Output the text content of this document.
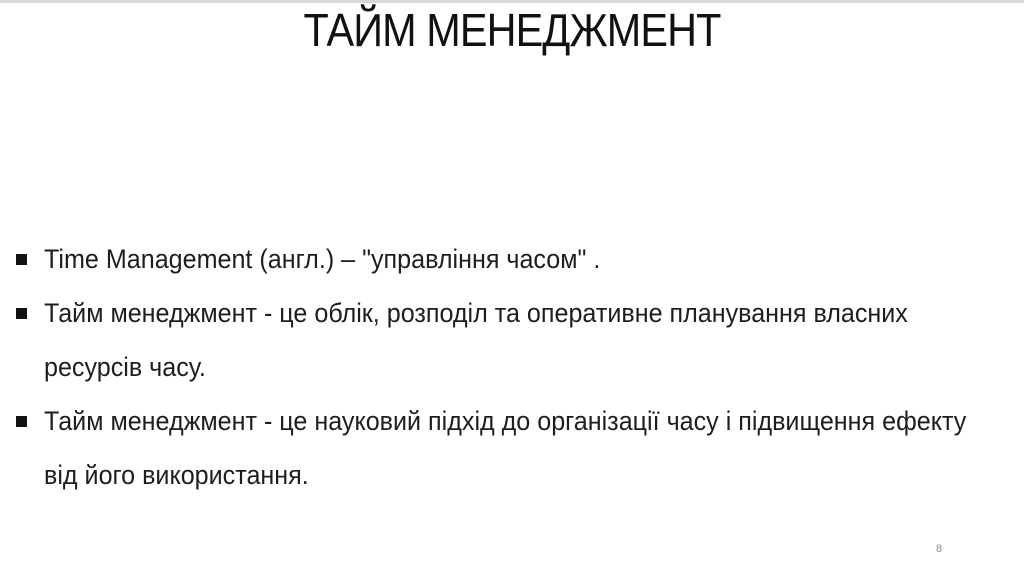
ТАЙМ МЕНЕДЖМЕНТ
Time Management (англ.) – "управління часом" .
Тайм менеджмент - це облік, розподіл та оперативне планування власних ресурсів часу.
Тайм менеджмент - це науковий підхід до організації часу і підвищення ефекту від його використання.
8
